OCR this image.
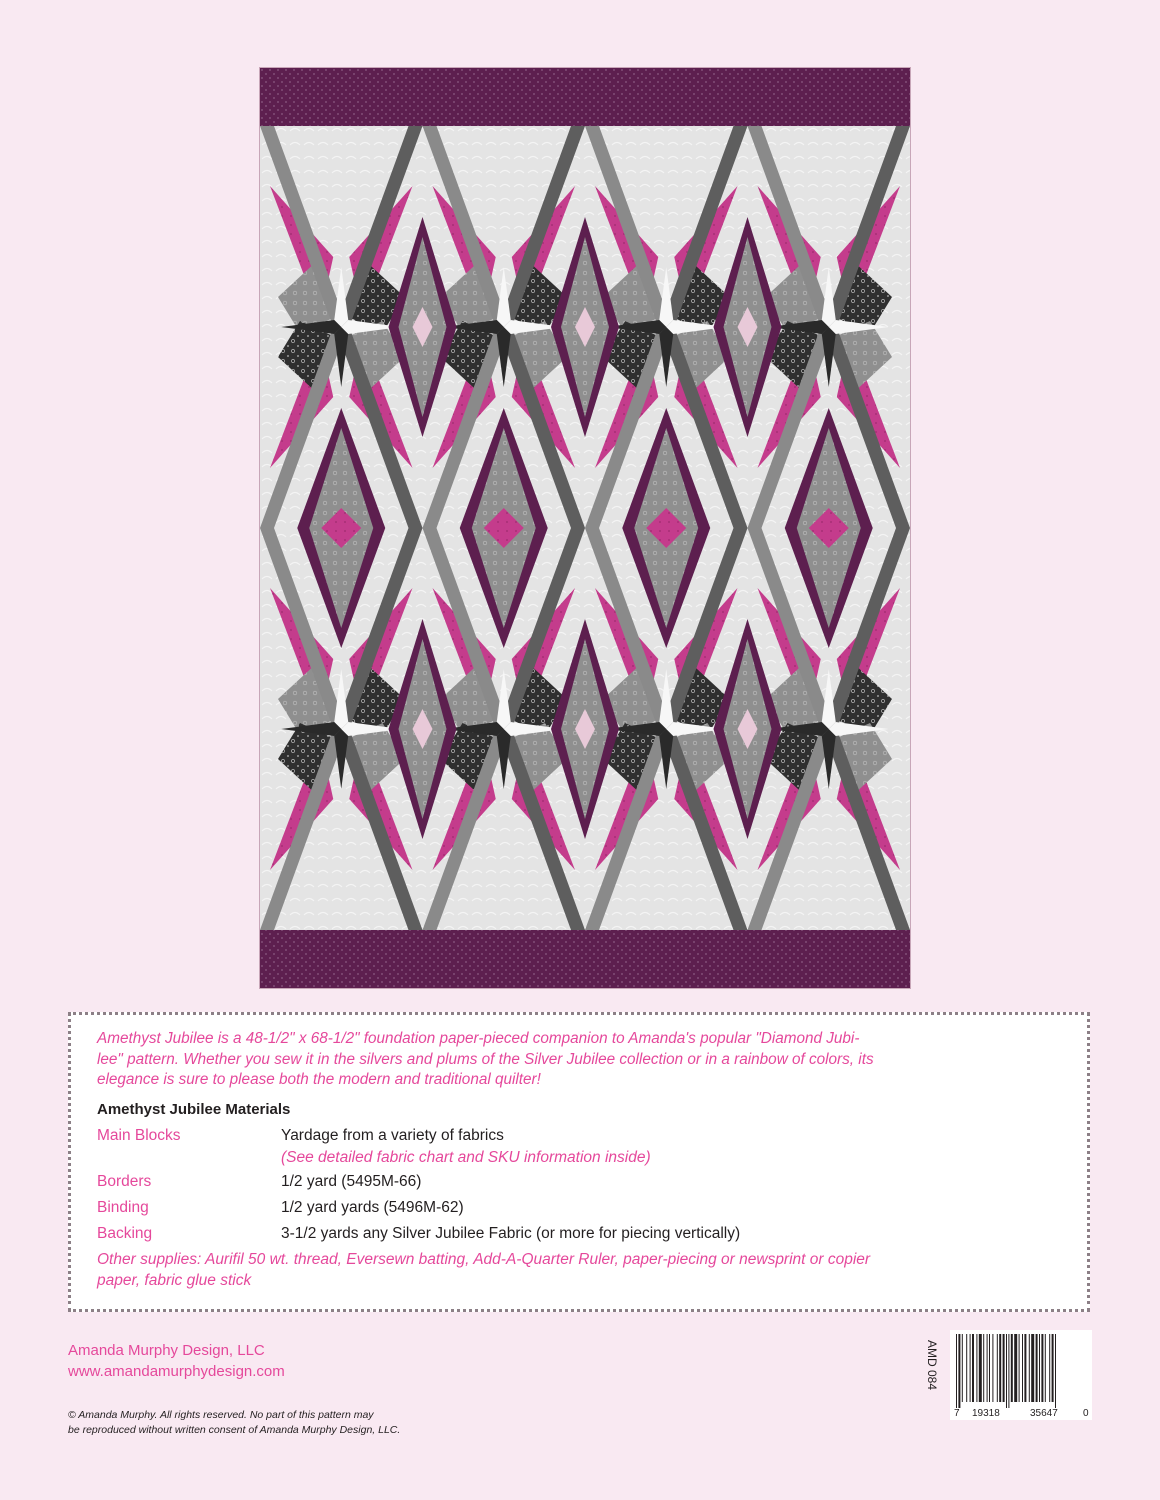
Amethyst Jubilee is a 48-1/2" x 68-1/2" foundation paper-pieced companion to Amanda's popular "Diamond Jubi-
lee" pattern. Whether you sew it in the silvers and plums of the Silver Jubilee collection or in a rainbow of colors, its
elegance is sure to please both the modern and traditional quilter!

Amethyst Jubilee Materials
Main Blocks	Yardage from a variety of fabrics
(See detailed fabric chart and SKU information inside)
Borders	1/2 yard (5495M-66)
Binding	1/2 yard yards (5496M-62)
Backing	3-1/2 yards any Silver Jubilee Fabric (or more for piecing vertically)

Other supplies: Aurifil 50 wt. thread, Eversewn batting, Add-A-Quarter Ruler, paper-piecing or newsprint or copier
paper, fabric glue stick

Amanda Murphy Design, LLC
www.amandamurphydesign.com
© Amanda Murphy. All rights reserved. No part of this pattern may
be reproduced without written consent of Amanda Murphy Design, LLC.
AMD 084
7 19318	35647	0
